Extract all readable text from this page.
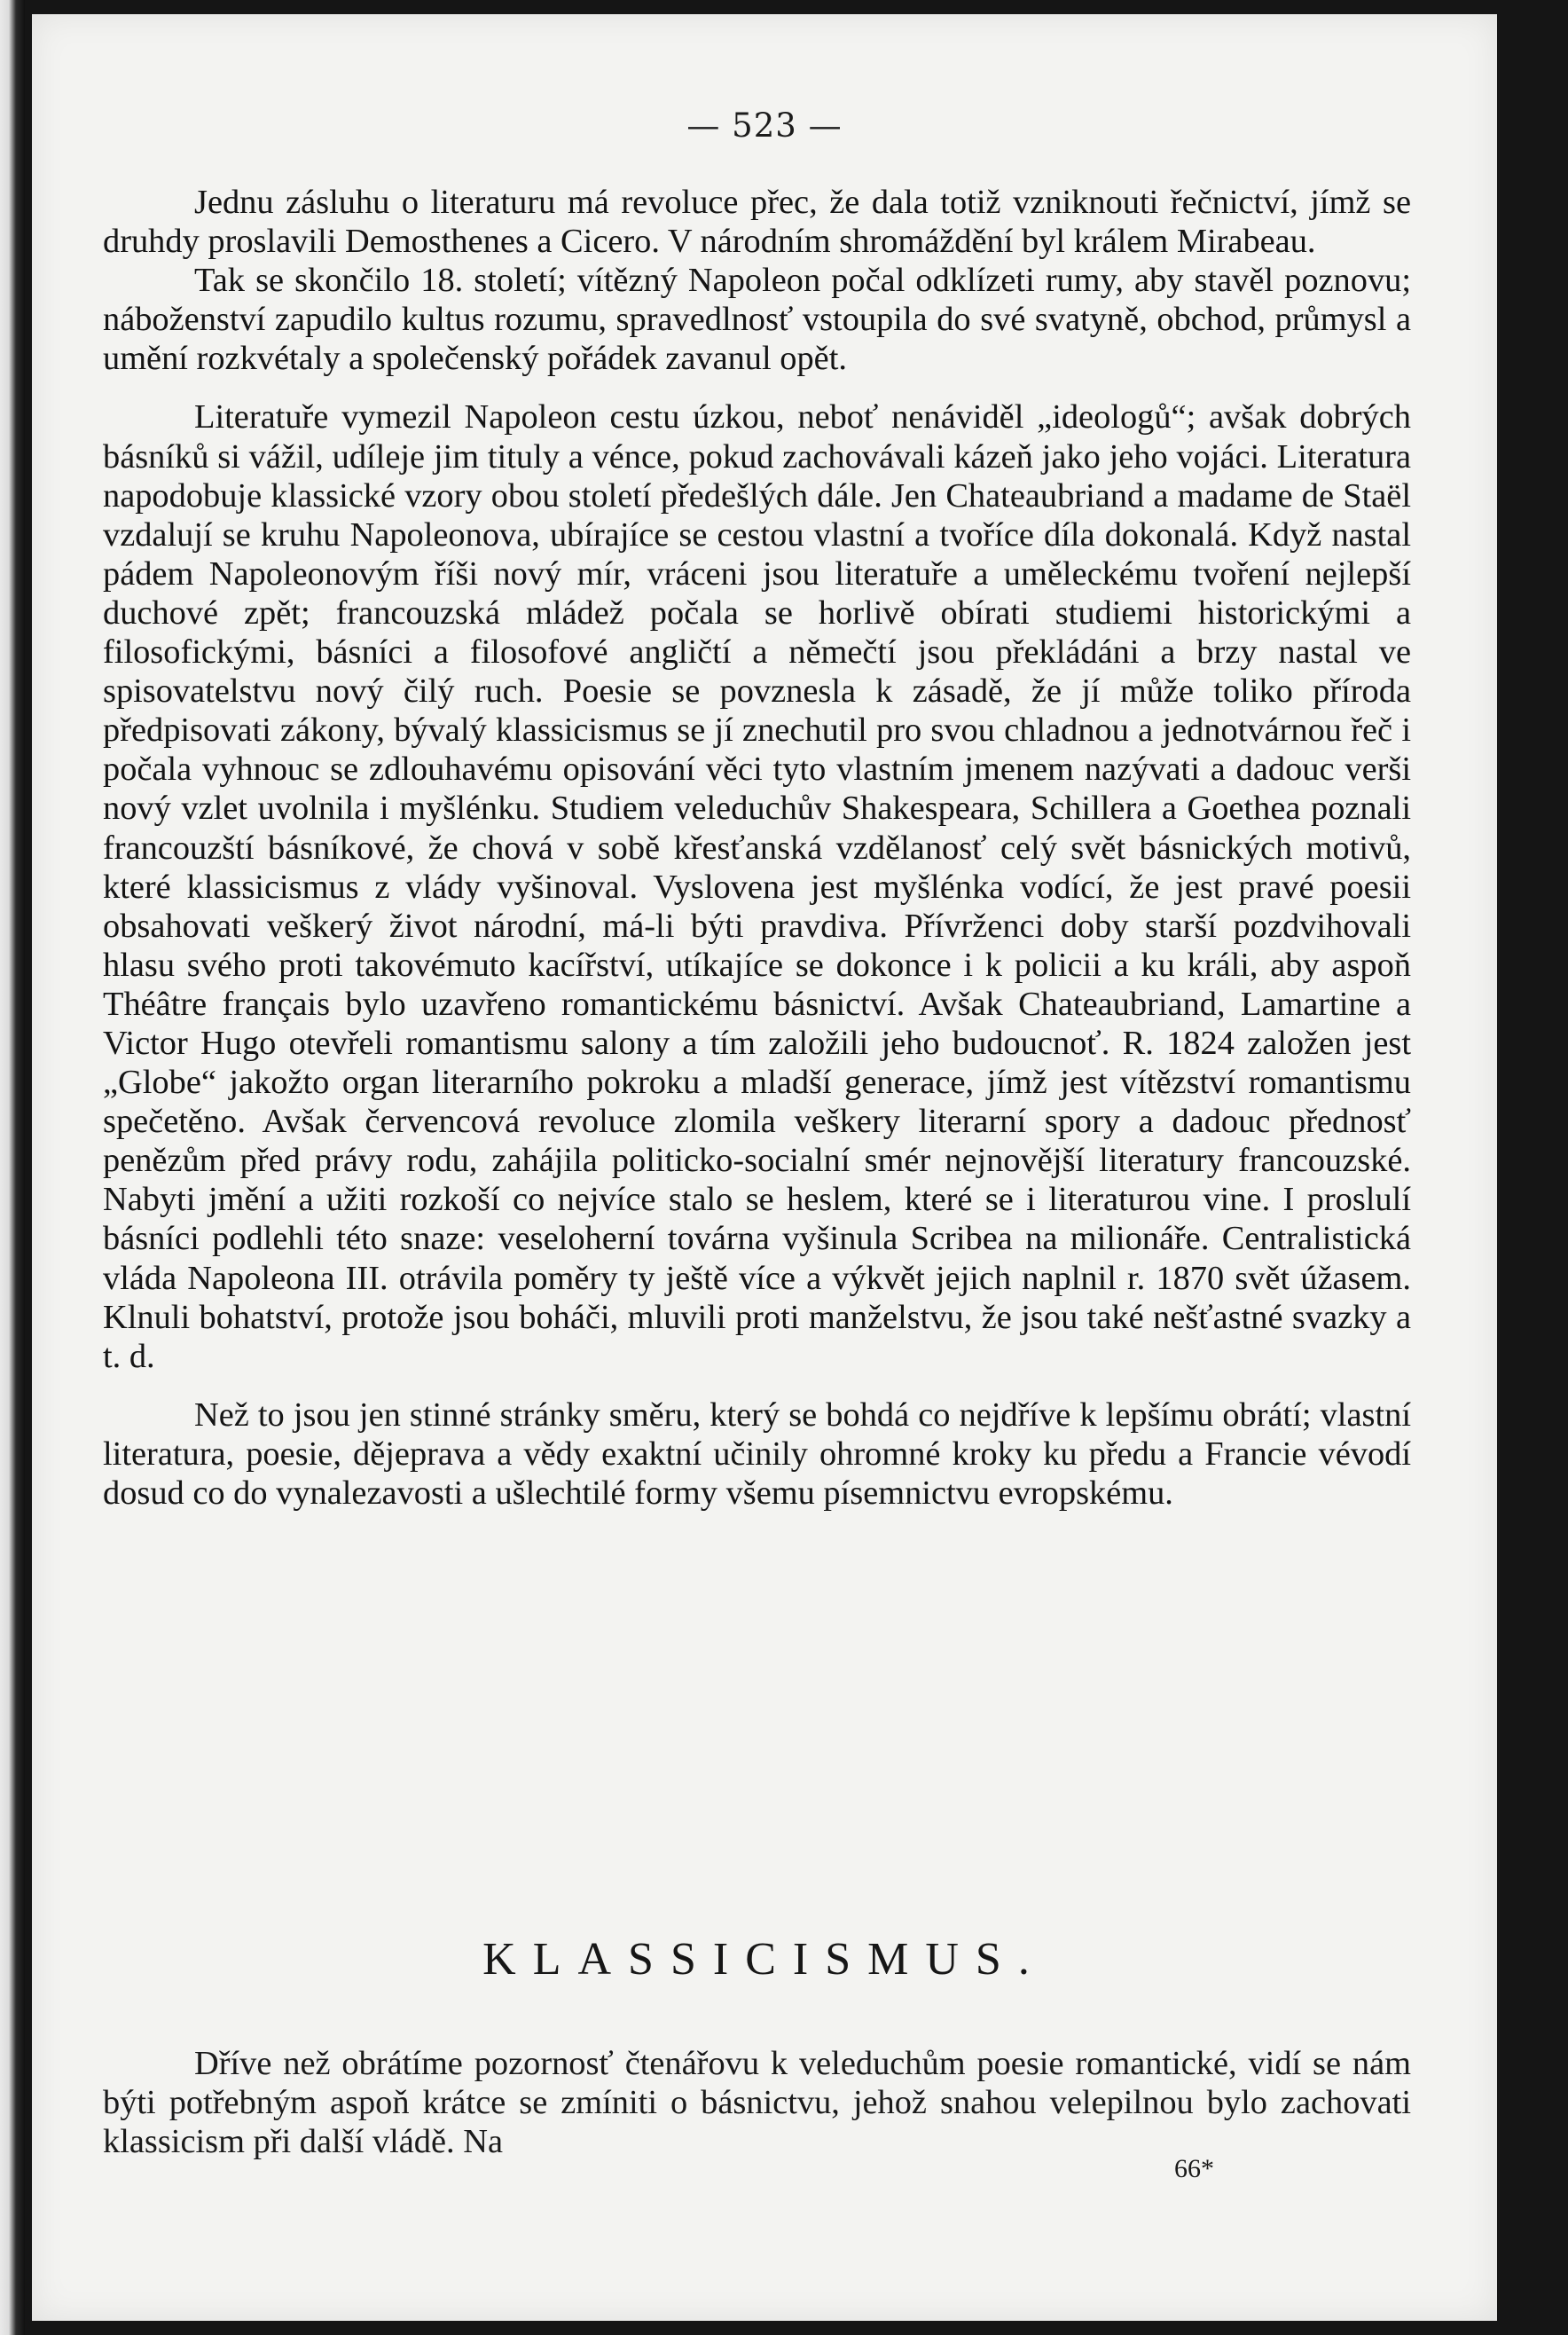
— 523 —

Jednu zásluhu o literaturu má revoluce přec, že dala totiž vzniknouti řečnictví, jímž se druhdy proslavili Demosthenes a Cicero. V národním shromáždění byl králem Mirabeau.

Tak se skončilo 18. století; vítězný Napoleon počal odklízeti rumy, aby stavěl poznovu; náboženství zapudilo kultus rozumu, spravedlnosť vstoupila do své svatyně, obchod, průmysl a umění rozkvétaly a společenský pořádek zavanul opět.

Literatuře vymezil Napoleon cestu úzkou, neboť nenáviděl „ideologů“; avšak dobrých básníků si vážil, udíleje jim tituly a vénce, pokud zachovávali kázeň jako jeho vojáci. Literatura napodobuje klassické vzory obou století předešlých dále. Jen Chateaubriand a madame de Staël vzdalují se kruhu Napoleonova, ubírajíce se cestou vlastní a tvoříce díla dokonalá. Když nastal pádem Napoleonovým říši nový mír, vráceni jsou literatuře a uměleckému tvoření nejlepší duchové zpět; francouzská mládež počala se horlivě obírati studiemi historickými a filosofickými, básníci a filosofové angličtí a němečtí jsou překládáni a brzy nastal ve spisovatelstvu nový čilý ruch. Poesie se povznesla k zásadě, že jí může toliko příroda předpisovati zákony, bývalý klassicismus se jí znechutil pro svou chladnou a jednotvárnou řeč i počala vyhnouc se zdlouhavému opisování věci tyto vlastním jmenem nazývati a dadouc verši nový vzlet uvolnila i myšlénku. Studiem veleduchův Shakespeara, Schillera a Goethea poznali francouzští básníkové, že chová v sobě křesťanská vzdělanosť celý svět básnických motivů, které klassicismus z vlády vyšinoval. Vyslovena jest myšlénka vodící, že jest pravé poesii obsahovati veškerý život národní, má-li býti pravdiva. Přívrženci doby starší pozdvihovali hlasu svého proti takovémuto kacířství, utíkajíce se dokonce i k policii a ku králi, aby aspoň Théâtre français bylo uzavřeno romantickému básnictví. Avšak Chateaubriand, Lamartine a Victor Hugo otevřeli romantismu salony a tím založili jeho budoucnoť. R. 1824 založen jest „Globe“ jakožto organ literarního pokroku a mladší generace, jímž jest vítězství romantismu spečetěno. Avšak červencová revoluce zlomila veškery literarní spory a dadouc přednosť penězům před právy rodu, zahájila politicko-socialní smér nejnovější literatury francouzské. Nabyti jmění a užiti rozkoší co nejvíce stalo se heslem, které se i literaturou vine. I proslulí básníci podlehli této snaze: veseloherní továrna vyšinula Scribea na milionáře. Centralistická vláda Napoleona III. otrávila poměry ty ještě více a výkvět jejich naplnil r. 1870 svět úžasem. Klnuli bohatství, protože jsou boháči, mluvili proti manželstvu, že jsou také nešťastné svazky a t. d.

Než to jsou jen stinné stránky směru, který se bohdá co nejdříve k lepšímu obrátí; vlastní literatura, poesie, dějeprava a vědy exaktní učinily ohromné kroky ku předu a Francie vévodí dosud co do vynalezavosti a ušlechtilé formy všemu písemnictvu evropskému.

KLASSICISMUS.

Dříve než obrátíme pozornosť čtenářovu k veleduchům poesie romantické, vidí se nám býti potřebným aspoň krátce se zmíniti o básnictvu, jehož snahou velepilnou bylo zachovati klassicism při další vládě. Na

66*
